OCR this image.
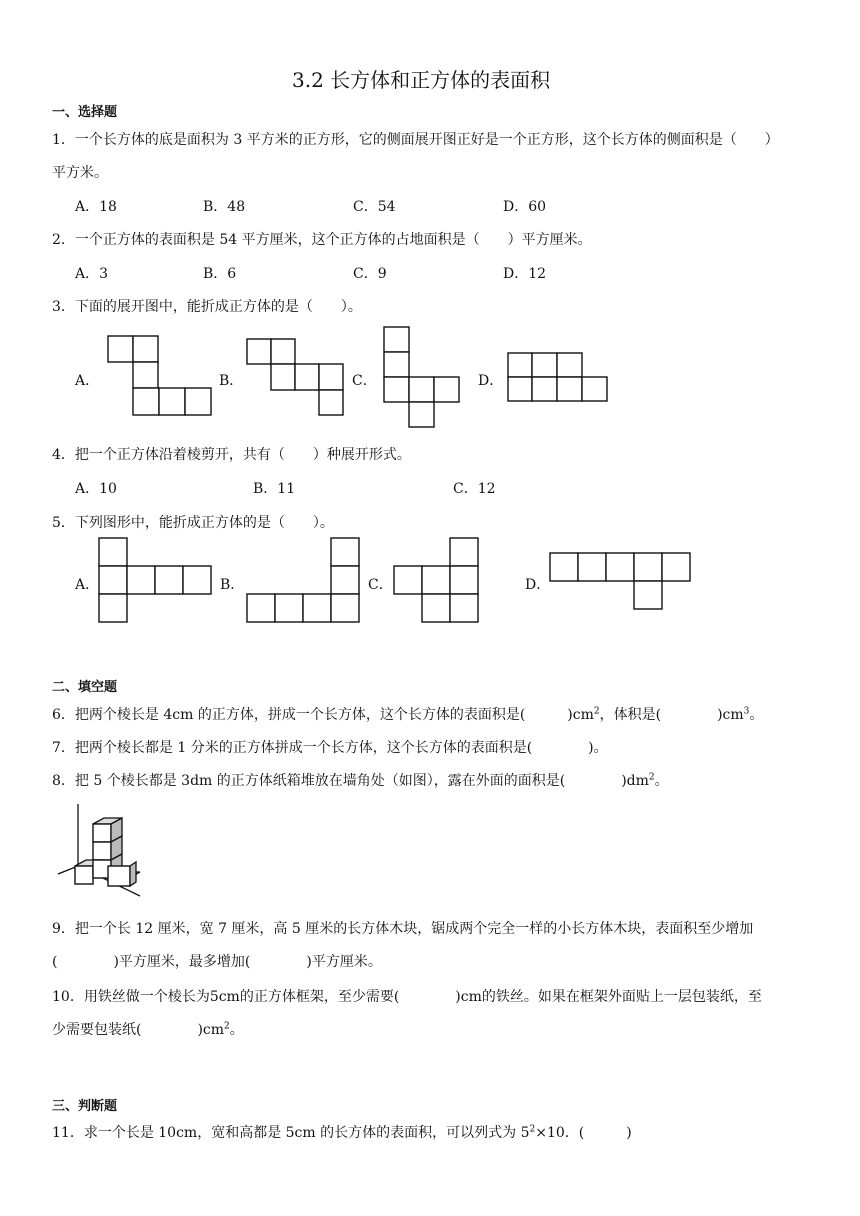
3.2 长方体和正方体的表面积
一、选择题
1．一个长方体的底是面积为 3 平方米的正方形，它的侧面展开图正好是一个正方形，这个长方体的侧面积是（　　）
平方米。
A．18	B．48	C．54	D．60
2．一个正方体的表面积是 54 平方厘米，这个正方体的占地面积是（　　）平方厘米。
A．3	B．6	C．9	D．12
3．下面的展开图中，能折成正方体的是（　　）。
A．	B．	C．	D．
4．把一个正方体沿着棱剪开，共有（　　）种展开形式。
A．10	B．11	C．12
5．下列图形中，能折成正方体的是（　　）。
A．	B．	C．	D．
二、填空题
6．把两个棱长是 4cm 的正方体，拼成一个长方体，这个长方体的表面积是(　　　)$cm^2$，体积是(　　　　)$cm^3$。
7．把两个棱长都是 1 分米的正方体拼成一个长方体，这个长方体的表面积是(　　　　)。
8．把 5 个棱长都是 3dm 的正方体纸箱堆放在墙角处（如图），露在外面的面积是(　　　　)$dm^2$。
9．把一个长 12 厘米，宽 7 厘米，高 5 厘米的长方体木块，锯成两个完全一样的小长方体木块，表面积至少增加
(　　　　)平方厘米，最多增加(　　　　)平方厘米。
10．用铁丝做一个棱长为5cm的正方体框架，至少需要(　　　　)cm的铁丝。如果在框架外面贴上一层包装纸，至
少需要包装纸(　　　　)$cm^2$。
三、判断题
11．求一个长是 10cm，宽和高都是 5cm 的长方体的表面积，可以列式为 $5^2\times 10$．(　　　)
